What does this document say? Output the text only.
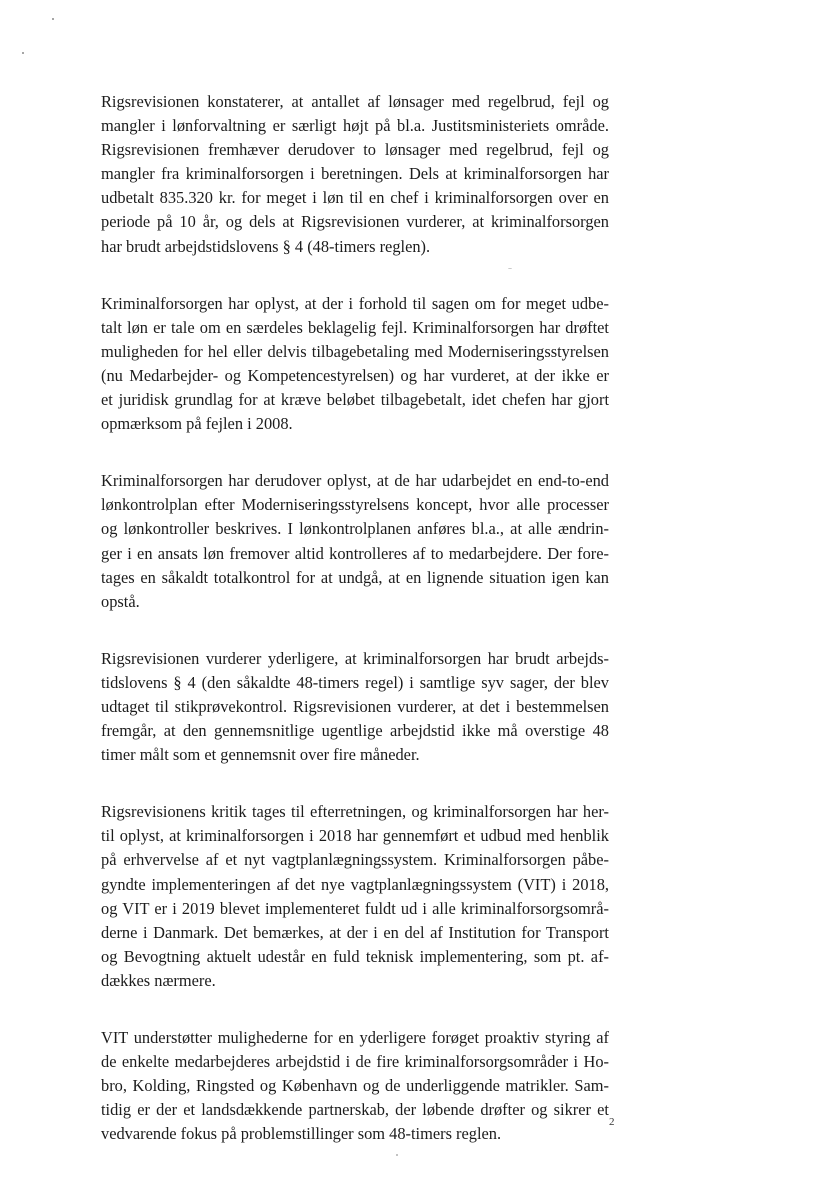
Rigsrevisionen konstaterer, at antallet af lønsager med regelbrud, fejl og
mangler i lønforvaltning er særligt højt på bl.a. Justitsministeriets område.
Rigsrevisionen fremhæver derudover to lønsager med regelbrud, fejl og
mangler fra kriminalforsorgen i beretningen. Dels at kriminalforsorgen har
udbetalt 835.320 kr. for meget i løn til en chef i kriminalforsorgen over en
periode på 10 år, og dels at Rigsrevisionen vurderer, at kriminalforsorgen
har brudt arbejdstidslovens § 4 (48-timers reglen).
Kriminalforsorgen har oplyst, at der i forhold til sagen om for meget udbe-
talt løn er tale om en særdeles beklagelig fejl. Kriminalforsorgen har drøftet
muligheden for hel eller delvis tilbagebetaling med Moderniseringsstyrelsen
(nu Medarbejder- og Kompetencestyrelsen) og har vurderet, at der ikke er
et juridisk grundlag for at kræve beløbet tilbagebetalt, idet chefen har gjort
opmærksom på fejlen i 2008.
Kriminalforsorgen har derudover oplyst, at de har udarbejdet en end-to-end
lønkontrolplan efter Moderniseringsstyrelsens koncept, hvor alle processer
og lønkontroller beskrives. I lønkontrolplanen anføres bl.a., at alle ændrin-
ger i en ansats løn fremover altid kontrolleres af to medarbejdere. Der fore-
tages en såkaldt totalkontrol for at undgå, at en lignende situation igen kan
opstå.
Rigsrevisionen vurderer yderligere, at kriminalforsorgen har brudt arbejds-
tidslovens § 4 (den såkaldte 48-timers regel) i samtlige syv sager, der blev
udtaget til stikprøvekontrol. Rigsrevisionen vurderer, at det i bestemmelsen
fremgår, at den gennemsnitlige ugentlige arbejdstid ikke må overstige 48
timer målt som et gennemsnit over fire måneder.
Rigsrevisionens kritik tages til efterretningen, og kriminalforsorgen har her-
til oplyst, at kriminalforsorgen i 2018 har gennemført et udbud med henblik
på erhvervelse af et nyt vagtplanlægningssystem. Kriminalforsorgen påbe-
gyndte implementeringen af det nye vagtplanlægningssystem (VIT) i 2018,
og VIT er i 2019 blevet implementeret fuldt ud i alle kriminalforsorgsområ-
derne i Danmark. Det bemærkes, at der i en del af Institution for Transport
og Bevogtning aktuelt udestår en fuld teknisk implementering, som pt. af-
dækkes nærmere.
VIT understøtter mulighederne for en yderligere forøget proaktiv styring af
de enkelte medarbejderes arbejdstid i de fire kriminalforsorgsområder i Ho-
bro, Kolding, Ringsted og København og de underliggende matrikler. Sam-
tidig er der et landsdækkende partnerskab, der løbende drøfter og sikrer et
vedvarende fokus på problemstillinger som 48-timers reglen.
2
